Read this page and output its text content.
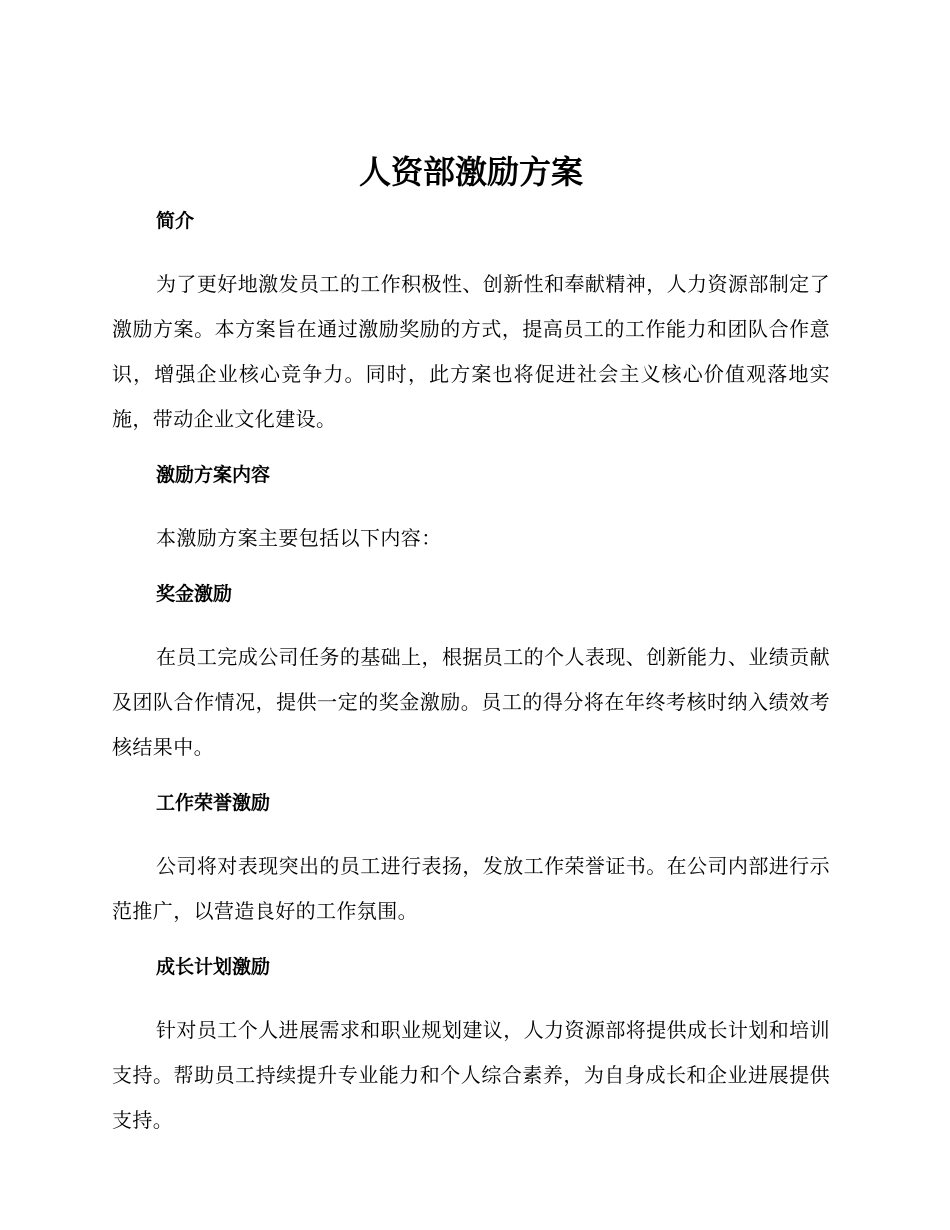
人资部激励方案
简介

为了更好地激发员工的工作积极性、创新性和奉献精神，人力资源部制定了激励方案。本方案旨在通过激励奖励的方式，提高员工的工作能力和团队合作意识，增强企业核心竞争力。同时，此方案也将促进社会主义核心价值观落地实施，带动企业文化建设。

激励方案内容

本激励方案主要包括以下内容：

奖金激励

在员工完成公司任务的基础上，根据员工的个人表现、创新能力、业绩贡献及团队合作情况，提供一定的奖金激励。员工的得分将在年终考核时纳入绩效考核结果中。

工作荣誉激励

公司将对表现突出的员工进行表扬，发放工作荣誉证书。在公司内部进行示范推广，以营造良好的工作氛围。

成长计划激励

针对员工个人进展需求和职业规划建议，人力资源部将提供成长计划和培训支持。帮助员工持续提升专业能力和个人综合素养，为自身成长和企业进展提供支持。
